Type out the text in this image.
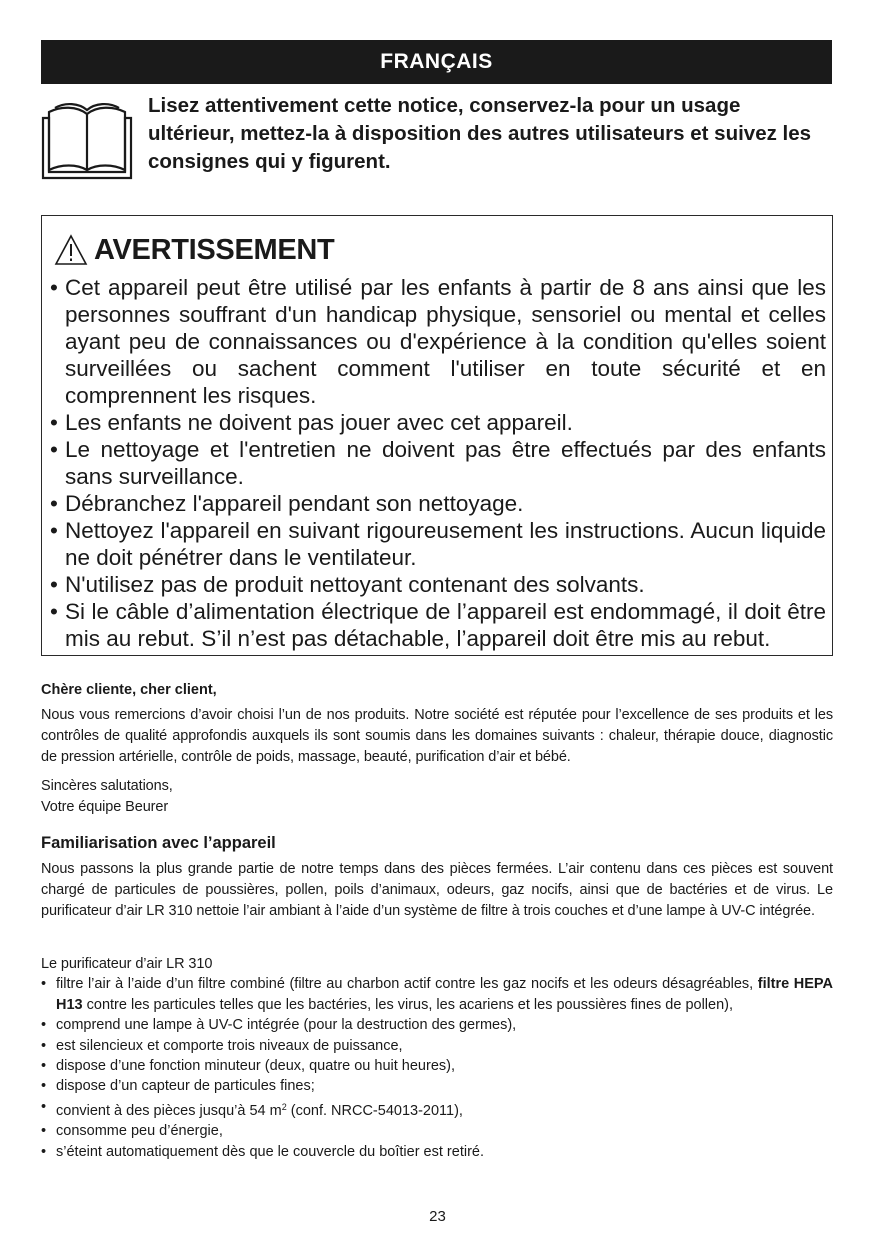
FRANÇAIS
Lisez attentivement cette notice, conservez-la pour un usage ultérieur, mettez-la à disposition des autres utilisateurs et suivez les consignes qui y figurent.
AVERTISSEMENT
• Cet appareil peut être utilisé par les enfants à partir de 8 ans ainsi que les personnes souffrant d'un handicap physique, sensoriel ou mental et celles ayant peu de connaissances ou d'expérience à la condition qu'elles soient surveillées ou sachent comment l'utiliser en toute sécurité et en comprennent les risques.
• Les enfants ne doivent pas jouer avec cet appareil.
• Le nettoyage et l'entretien ne doivent pas être effectués par des enfants sans surveillance.
• Débranchez l'appareil pendant son nettoyage.
• Nettoyez l'appareil en suivant rigoureusement les instructions. Aucun liquide ne doit pénétrer dans le ventilateur.
• N'utilisez pas de produit nettoyant contenant des solvants.
• Si le câble d’alimentation électrique de l’appareil est endommagé, il doit être mis au rebut. S’il n’est pas détachable, l’appareil doit être mis au rebut.
Chère cliente, cher client,

Nous vous remercions d’avoir choisi l’un de nos produits. Notre société est réputée pour l’excellence de ses produits et les contrôles de qualité approfondis auxquels ils sont soumis dans les domaines suivants : chaleur, thérapie douce, diagnostic de pression artérielle, contrôle de poids, massage, beauté, purification d’air et bébé.

Sincères salutations,

Votre équipe Beurer

Familiarisation avec l’appareil

Nous passons la plus grande partie de notre temps dans des pièces fermées. L’air contenu dans ces pièces est souvent chargé de particules de poussières, pollen, poils d’animaux, odeurs, gaz nocifs, ainsi que de bactéries et de virus. Le purificateur d’air LR 310 nettoie l’air ambiant à l’aide d’un système de filtre à trois couches et d’une lampe à UV-C intégrée.

Le purificateur d’air LR 310

• filtre l’air à l’aide d’un filtre combiné (filtre au charbon actif contre les gaz nocifs et les odeurs désagréables, filtre HEPA H13 contre les particules telles que les bactéries, les virus, les acariens et les poussières fines de pollen),
• comprend une lampe à UV-C intégrée (pour la destruction des germes),
• est silencieux et comporte trois niveaux de puissance,
• dispose d’une fonction minuteur (deux, quatre ou huit heures),
• dispose d’un capteur de particules fines;
• convient à des pièces jusqu’à 54 $m^2$ (conf. NRCC-54013-2011),
• consomme peu d’énergie,
• s’éteint automatiquement dès que le couvercle du boîtier est retiré.
23
